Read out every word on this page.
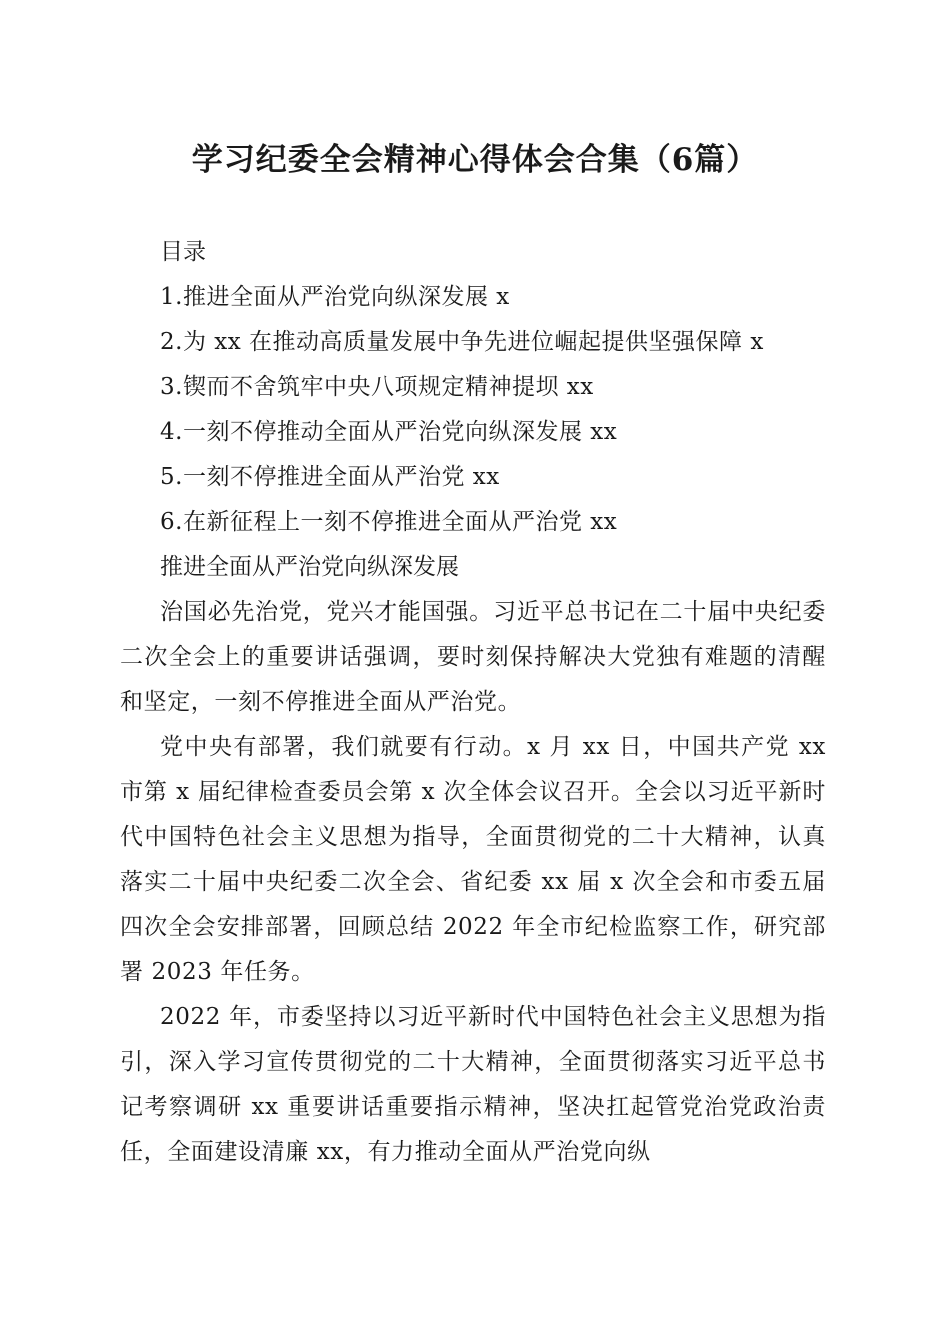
学习纪委全会精神心得体会合集（6篇）

目录

1.推进全面从严治党向纵深发展 x

2.为 xx 在推动高质量发展中争先进位崛起提供坚强保障 x

3.锲而不舍筑牢中央八项规定精神提坝 xx

4.一刻不停推动全面从严治党向纵深发展 xx

5.一刻不停推进全面从严治党 xx

6.在新征程上一刻不停推进全面从严治党 xx

推进全面从严治党向纵深发展

治国必先治党，党兴才能国强。习近平总书记在二十届中央纪委二次全会上的重要讲话强调，要时刻保持解决大党独有难题的清醒和坚定，一刻不停推进全面从严治党。

党中央有部署，我们就要有行动。x 月 xx 日，中国共产党 xx 市第 x 届纪律检查委员会第 x 次全体会议召开。全会以习近平新时代中国特色社会主义思想为指导，全面贯彻党的二十大精神，认真落实二十届中央纪委二次全会、省纪委 xx 届 x 次全会和市委五届四次全会安排部署，回顾总结 2022 年全市纪检监察工作，研究部署 2023 年任务。

2022 年，市委坚持以习近平新时代中国特色社会主义思想为指引，深入学习宣传贯彻党的二十大精神，全面贯彻落实习近平总书记考察调研 xx 重要讲话重要指示精神，坚决扛起管党治党政治责任，全面建设清廉 xx，有力推动全面从严治党向纵
